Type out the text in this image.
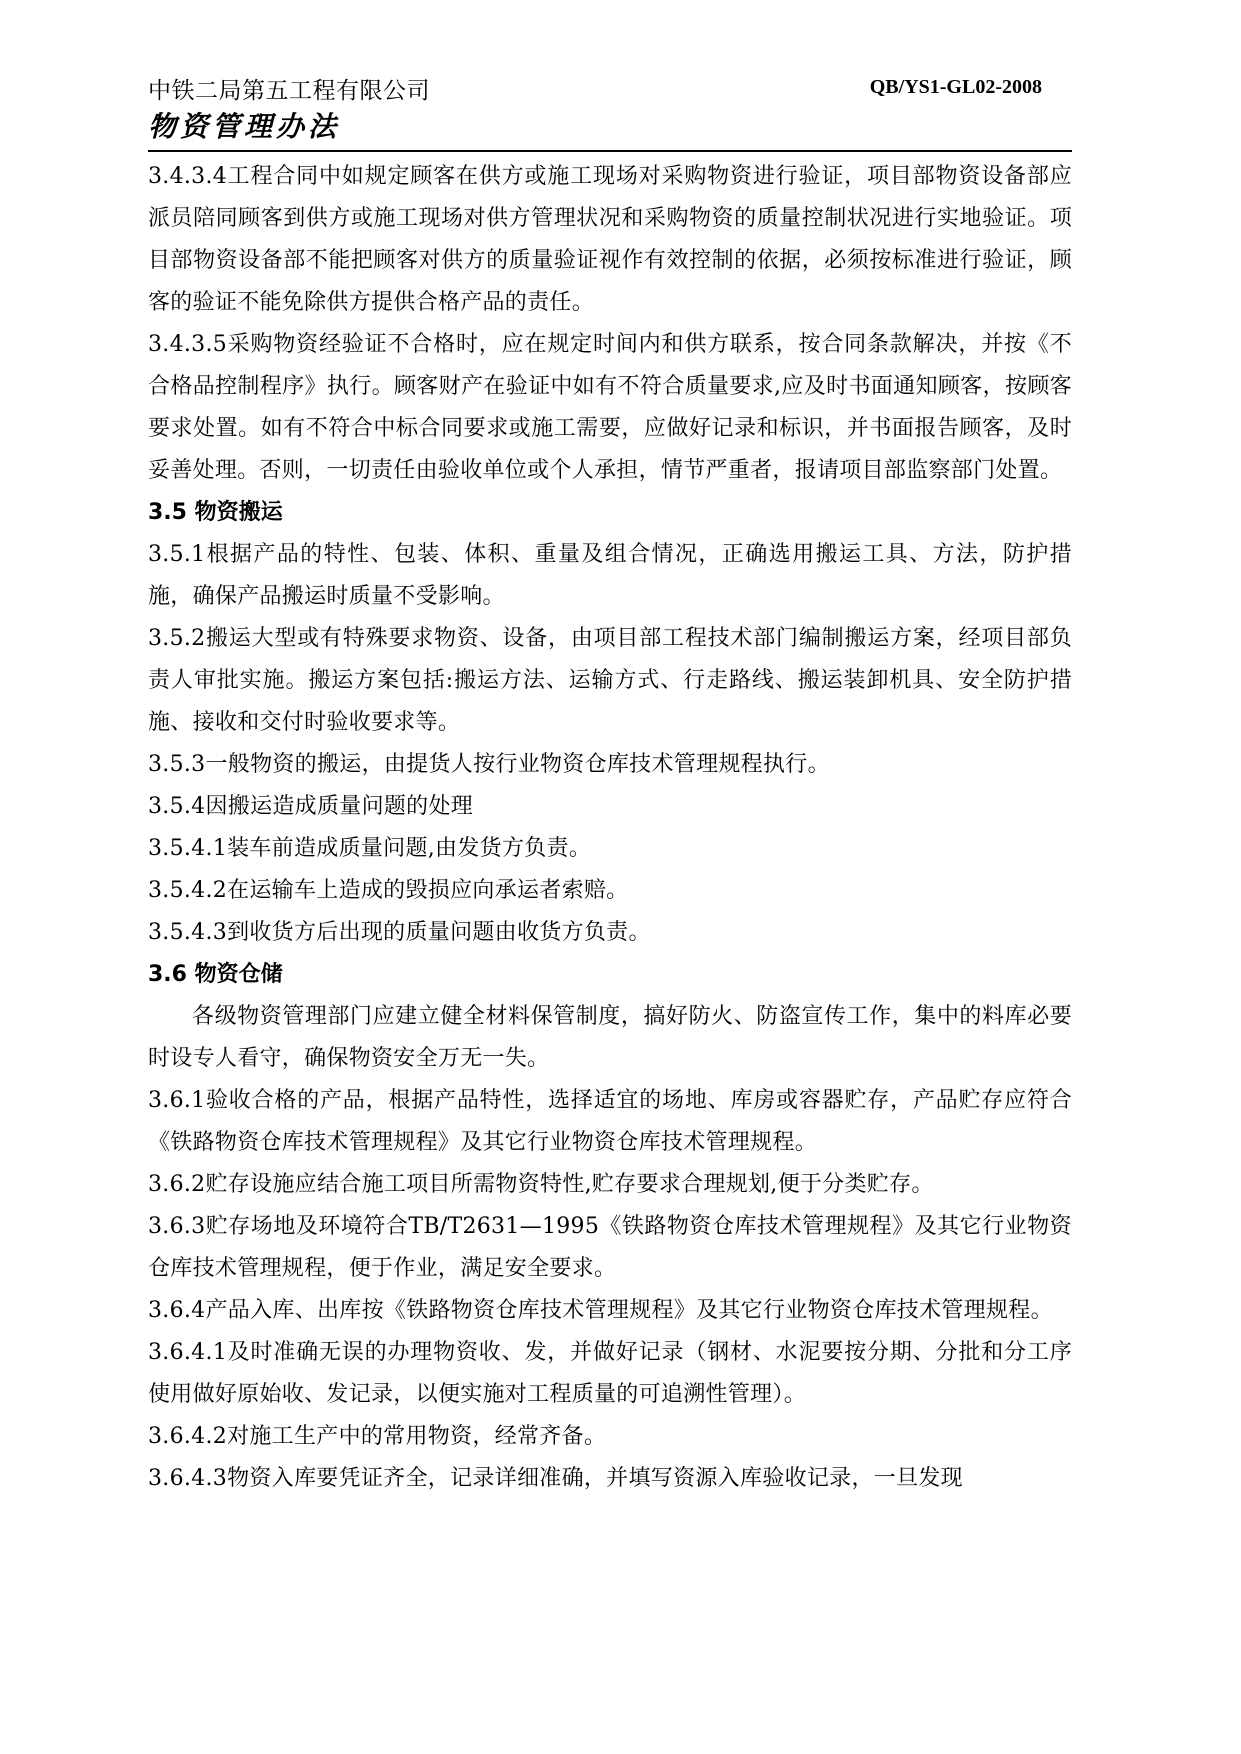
中铁二局第五工程有限公司	QB/YS1-GL02-2008
物资管理办法

3.4.3.4工程合同中如规定顾客在供方或施工现场对采购物资进行验证，项目部物资设备部应派员陪同顾客到供方或施工现场对供方管理状况和采购物资的质量控制状况进行实地验证。项目部物资设备部不能把顾客对供方的质量验证视作有效控制的依据，必须按标准进行验证，顾客的验证不能免除供方提供合格产品的责任。

3.4.3.5采购物资经验证不合格时，应在规定时间内和供方联系，按合同条款解决，并按《不合格品控制程序》执行。顾客财产在验证中如有不符合质量要求,应及时书面通知顾客，按顾客要求处置。如有不符合中标合同要求或施工需要，应做好记录和标识，并书面报告顾客，及时妥善处理。否则，一切责任由验收单位或个人承担，情节严重者，报请项目部监察部门处置。

3.5 物资搬运

3.5.1根据产品的特性、包装、体积、重量及组合情况，正确选用搬运工具、方法，防护措施，确保产品搬运时质量不受影响。

3.5.2搬运大型或有特殊要求物资、设备，由项目部工程技术部门编制搬运方案，经项目部负责人审批实施。搬运方案包括:搬运方法、运输方式、行走路线、搬运装卸机具、安全防护措施、接收和交付时验收要求等。

3.5.3一般物资的搬运，由提货人按行业物资仓库技术管理规程执行。

3.5.4因搬运造成质量问题的处理

3.5.4.1装车前造成质量问题,由发货方负责。

3.5.4.2在运输车上造成的毁损应向承运者索赔。

3.5.4.3到收货方后出现的质量问题由收货方负责。

3.6 物资仓储

各级物资管理部门应建立健全材料保管制度，搞好防火、防盗宣传工作，集中的料库必要时设专人看守，确保物资安全万无一失。

3.6.1验收合格的产品，根据产品特性，选择适宜的场地、库房或容器贮存，产品贮存应符合《铁路物资仓库技术管理规程》及其它行业物资仓库技术管理规程。

3.6.2贮存设施应结合施工项目所需物资特性,贮存要求合理规划,便于分类贮存。

3.6.3贮存场地及环境符合TB/T2631—1995《铁路物资仓库技术管理规程》及其它行业物资仓库技术管理规程，便于作业，满足安全要求。

3.6.4产品入库、出库按《铁路物资仓库技术管理规程》及其它行业物资仓库技术管理规程。

3.6.4.1及时准确无误的办理物资收、发，并做好记录（钢材、水泥要按分期、分批和分工序使用做好原始收、发记录，以便实施对工程质量的可追溯性管理）。

3.6.4.2对施工生产中的常用物资，经常齐备。

3.6.4.3物资入库要凭证齐全，记录详细准确，并填写资源入库验收记录，一旦发现
